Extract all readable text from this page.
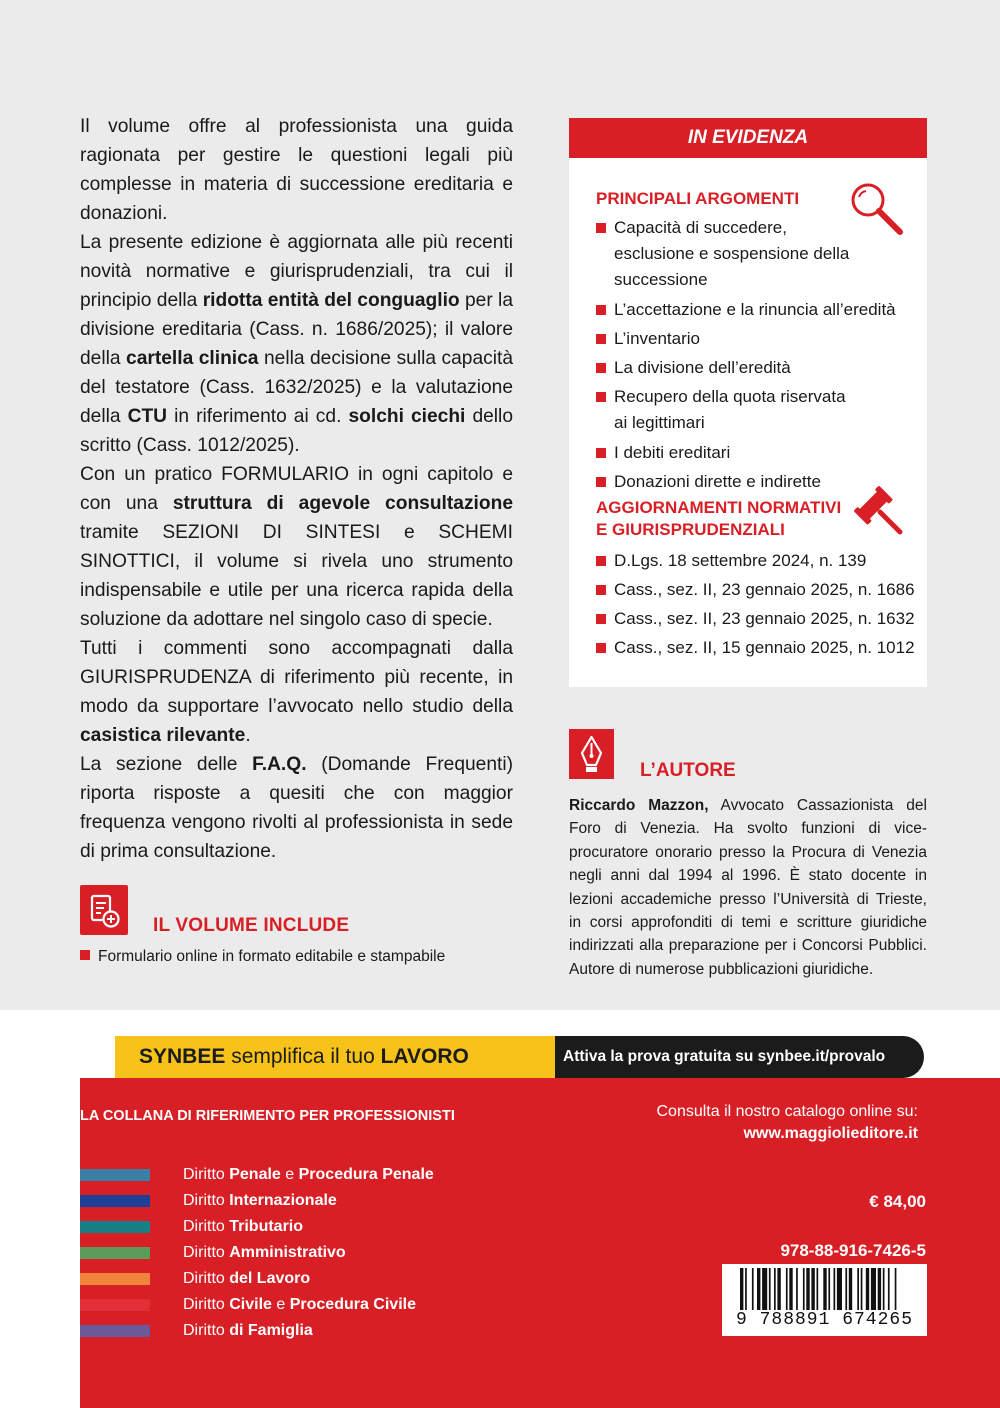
Il volume offre al professionista una guida ragionata per gestire le questioni legali più complesse in materia di successione ereditaria e donazioni.

La presente edizione è aggiornata alle più recenti novità normative e giurisprudenziali, tra cui il principio della ridotta entità del conguaglio per la divisione ereditaria (Cass. n. 1686/2025); il valore della cartella clinica nella decisione sulla capacità del testatore (Cass. 1632/2025) e la valutazione della CTU in riferimento ai cd. solchi ciechi dello scritto (Cass. 1012/2025).

Con un pratico FORMULARIO in ogni capitolo e con una struttura di agevole consultazione tramite SEZIONI DI SINTESI e SCHEMI SINOTTICI, il volume si rivela uno strumento indispensabile e utile per una ricerca rapida della soluzione da adottare nel singolo caso di specie.

Tutti i commenti sono accompagnati dalla GIURISPRUDENZA di riferimento più recente, in modo da supportare l’avvocato nello studio della casistica rilevante.

La sezione delle F.A.Q. (Domande Frequenti) riporta risposte a quesiti che con maggior frequenza vengono rivolti al professionista in sede di prima consultazione.

IL VOLUME INCLUDE
Formulario online in formato editabile e stampabile
IN EVIDENZA
PRINCIPALI ARGOMENTI
Capacità di succedere, esclusione e sospensione della successione
L’accettazione e la rinuncia all’eredità
L’inventario
La divisione dell’eredità
Recupero della quota riservata ai legittimari
I debiti ereditari
Donazioni dirette e indirette
AGGIORNAMENTI NORMATIVI
E GIURISPRUDENZIALI
D.Lgs. 18 settembre 2024, n. 139
Cass., sez. II, 23 gennaio 2025, n. 1686
Cass., sez. II, 23 gennaio 2025, n. 1632
Cass., sez. II, 15 gennaio 2025, n. 1012
L’AUTORE
Riccardo Mazzon, Avvocato Cassazionista del Foro di Venezia. Ha svolto funzioni di vice-procuratore onorario presso la Procura di Venezia negli anni dal 1994 al 1996. È stato docente in lezioni accademiche presso l’Università di Trieste, in corsi approfonditi di temi e scritture giuridiche indirizzati alla preparazione per i Concorsi Pubblici. Autore di numerose pubblicazioni giuridiche.
SYNBEE semplifica il tuo LAVORO	Attiva la prova gratuita su synbee.it/provalo
LA COLLANA DI RIFERIMENTO PER PROFESSIONISTI
Diritto Penale e Procedura Penale
Diritto Internazionale
Diritto Tributario
Diritto Amministrativo
Diritto del Lavoro
Diritto Civile e Procedura Civile
Diritto di Famiglia
Consulta il nostro catalogo online su:
www.maggiolieditore.it
€ 84,00
978-88-916-7426-5
9 788891 674265
